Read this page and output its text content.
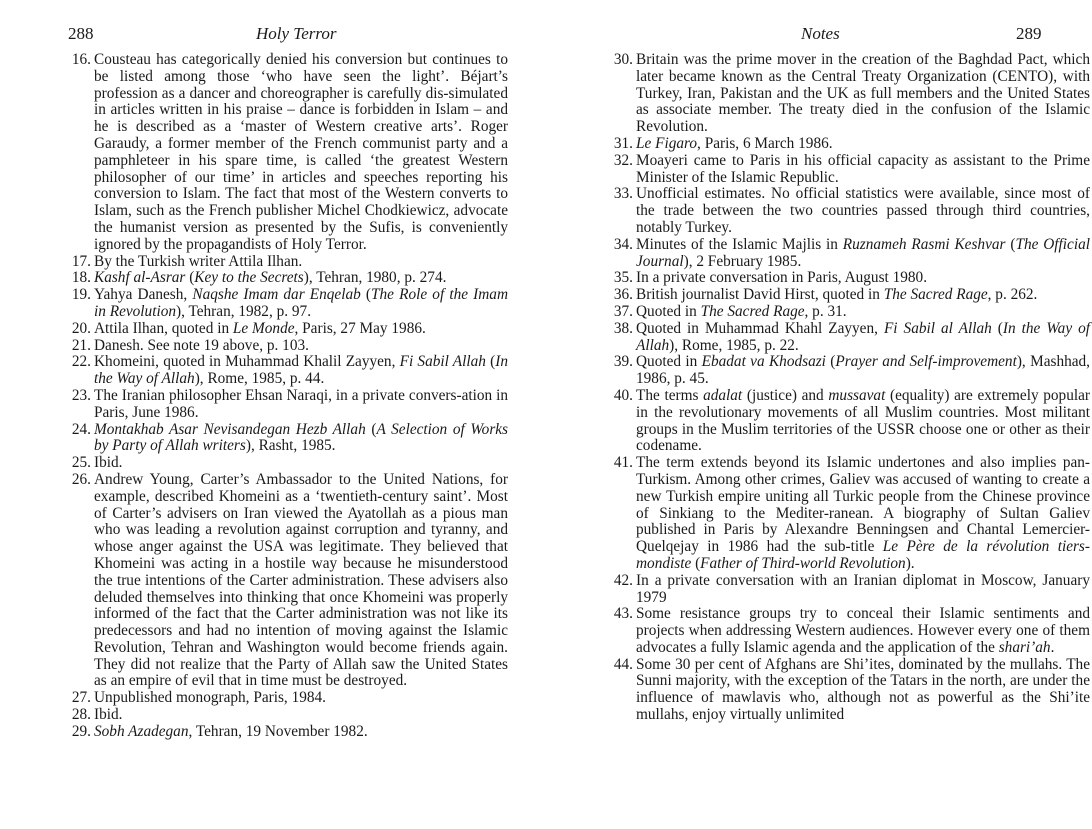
288	Holy Terror
16. Cousteau has categorically denied his conversion but continues to be listed among those ‘who have seen the light’. Béjart’s profession as a dancer and choreographer is carefully dis-simulated in articles written in his praise – dance is forbidden in Islam – and he is described as a ‘master of Western creative arts’. Roger Garaudy, a former member of the French communist party and a pamphleteer in his spare time, is called ‘the greatest Western philosopher of our time’ in articles and speeches reporting his conversion to Islam. The fact that most of the Western converts to Islam, such as the French publisher Michel Chodkiewicz, advocate the humanist version as presented by the Sufis, is conveniently ignored by the propagandists of Holy Terror.
17. By the Turkish writer Attila Ilhan.
18. Kashf al-Asrar (Key to the Secrets), Tehran, 1980, p. 274.
19. Yahya Danesh, Naqshe Imam dar Enqelab (The Role of the Imam in Revolution), Tehran, 1982, p. 97.
20. Attila Ilhan, quoted in Le Monde, Paris, 27 May 1986.
21. Danesh. See note 19 above, p. 103.
22. Khomeini, quoted in Muhammad Khalil Zayyen, Fi Sabil Allah (In the Way of Allah), Rome, 1985, p. 44.
23. The Iranian philosopher Ehsan Naraqi, in a private convers-ation in Paris, June 1986.
24. Montakhab Asar Nevisandegan Hezb Allah (A Selection of Works by Party of Allah writers), Rasht, 1985.
25. Ibid.
26. Andrew Young, Carter’s Ambassador to the United Nations, for example, described Khomeini as a ‘twentieth-century saint’. Most of Carter’s advisers on Iran viewed the Ayatollah as a pious man who was leading a revolution against corruption and tyranny, and whose anger against the USA was legitimate. They believed that Khomeini was acting in a hostile way because he misunderstood the true intentions of the Carter administration. These advisers also deluded themselves into thinking that once Khomeini was properly informed of the fact that the Carter administration was not like its predecessors and had no intention of moving against the Islamic Revolution, Tehran and Washington would become friends again. They did not realize that the Party of Allah saw the United States as an empire of evil that in time must be destroyed.
27. Unpublished monograph, Paris, 1984.
28. Ibid.
29. Sobh Azadegan, Tehran, 19 November 1982.
Notes	289
30. Britain was the prime mover in the creation of the Baghdad Pact, which later became known as the Central Treaty Organization (CENTO), with Turkey, Iran, Pakistan and the UK as full members and the United States as associate member. The treaty died in the confusion of the Islamic Revolution.
31. Le Figaro, Paris, 6 March 1986.
32. Moayeri came to Paris in his official capacity as assistant to the Prime Minister of the Islamic Republic.
33. Unofficial estimates. No official statistics were available, since most of the trade between the two countries passed through third countries, notably Turkey.
34. Minutes of the Islamic Majlis in Ruznameh Rasmi Keshvar (The Official Journal), 2 February 1985.
35. In a private conversation in Paris, August 1980.
36. British journalist David Hirst, quoted in The Sacred Rage, p. 262.
37. Quoted in The Sacred Rage, p. 31.
38. Quoted in Muhammad Khahl Zayyen, Fi Sabil al Allah (In the Way of Allah), Rome, 1985, p. 22.
39. Quoted in Ebadat va Khodsazi (Prayer and Self-improvement), Mashhad, 1986, p. 45.
40. The terms adalat (justice) and mussavat (equality) are extremely popular in the revolutionary movements of all Muslim countries. Most militant groups in the Muslim territories of the USSR choose one or other as their codename.
41. The term extends beyond its Islamic undertones and also implies pan-Turkism. Among other crimes, Galiev was accused of wanting to create a new Turkish empire uniting all Turkic people from the Chinese province of Sinkiang to the Mediter-ranean. A biography of Sultan Galiev published in Paris by Alexandre Benningsen and Chantal Lemercier-Quelqejay in 1986 had the sub-title Le Père de la révolution tiers-mondiste (Father of Third-world Revolution).
42. In a private conversation with an Iranian diplomat in Moscow, January 1979
43. Some resistance groups try to conceal their Islamic sentiments and projects when addressing Western audiences. However every one of them advocates a fully Islamic agenda and the application of the shari’ah.
44. Some 30 per cent of Afghans are Shi’ites, dominated by the mullahs. The Sunni majority, with the exception of the Tatars in the north, are under the influence of mawlavis who, although not as powerful as the Shi’ite mullahs, enjoy virtually unlimited
